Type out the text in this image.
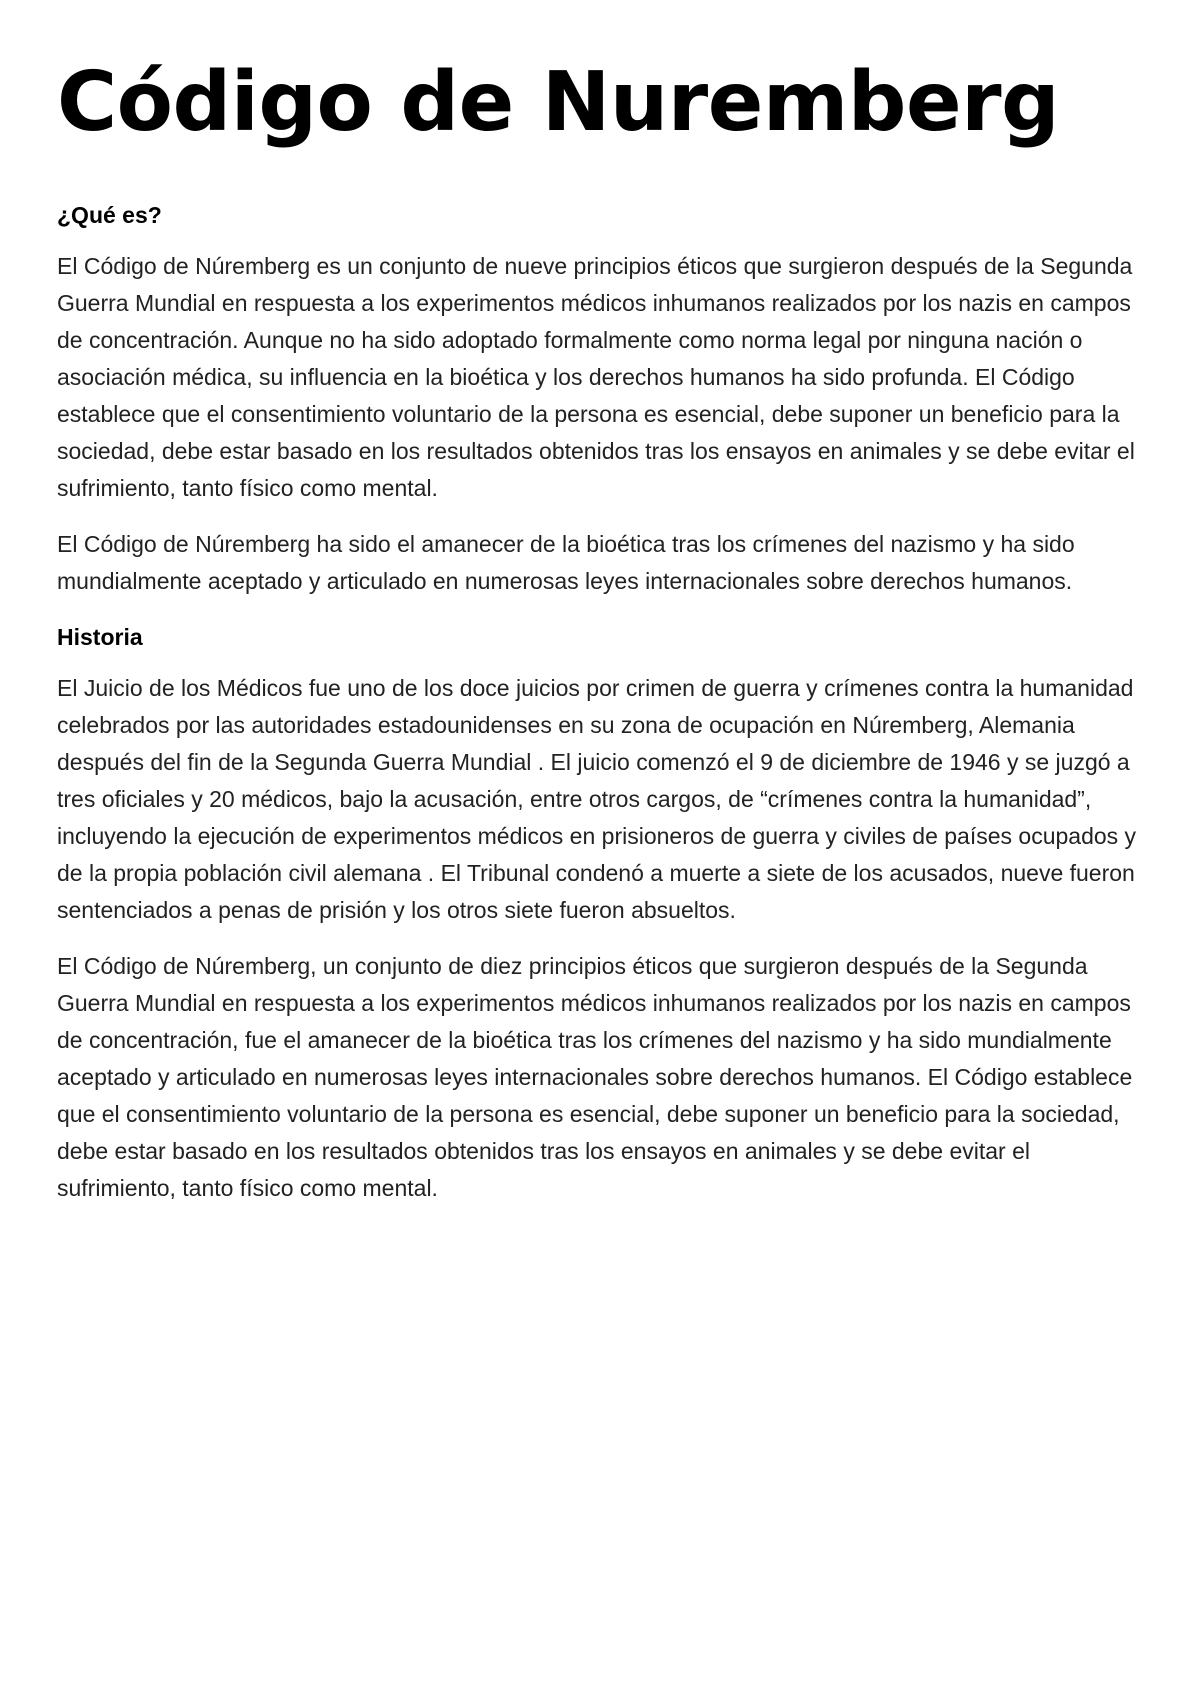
Código de Nuremberg
¿Qué es?

El Código de Núremberg es un conjunto de nueve principios éticos que surgieron después de la Segunda Guerra Mundial en respuesta a los experimentos médicos inhumanos realizados por los nazis en campos de concentración. Aunque no ha sido adoptado formalmente como norma legal por ninguna nación o asociación médica, su influencia en la bioética y los derechos humanos ha sido profunda. El Código establece que el consentimiento voluntario de la persona es esencial, debe suponer un beneficio para la sociedad, debe estar basado en los resultados obtenidos tras los ensayos en animales y se debe evitar el sufrimiento, tanto físico como mental.

El Código de Núremberg ha sido el amanecer de la bioética tras los crímenes del nazismo y ha sido mundialmente aceptado y articulado en numerosas leyes internacionales sobre derechos humanos.

Historia

El Juicio de los Médicos fue uno de los doce juicios por crimen de guerra y crímenes contra la humanidad celebrados por las autoridades estadounidenses en su zona de ocupación en Núremberg, Alemania después del fin de la Segunda Guerra Mundial . El juicio comenzó el 9 de diciembre de 1946 y se juzgó a tres oficiales y 20 médicos, bajo la acusación, entre otros cargos, de “crímenes contra la humanidad”, incluyendo la ejecución de experimentos médicos en prisioneros de guerra y civiles de países ocupados y de la propia población civil alemana . El Tribunal condenó a muerte a siete de los acusados, nueve fueron sentenciados a penas de prisión y los otros siete fueron absueltos.

El Código de Núremberg, un conjunto de diez principios éticos que surgieron después de la Segunda Guerra Mundial en respuesta a los experimentos médicos inhumanos realizados por los nazis en campos de concentración, fue el amanecer de la bioética tras los crímenes del nazismo y ha sido mundialmente aceptado y articulado en numerosas leyes internacionales sobre derechos humanos. El Código establece que el consentimiento voluntario de la persona es esencial, debe suponer un beneficio para la sociedad, debe estar basado en los resultados obtenidos tras los ensayos en animales y se debe evitar el sufrimiento, tanto físico como mental.
